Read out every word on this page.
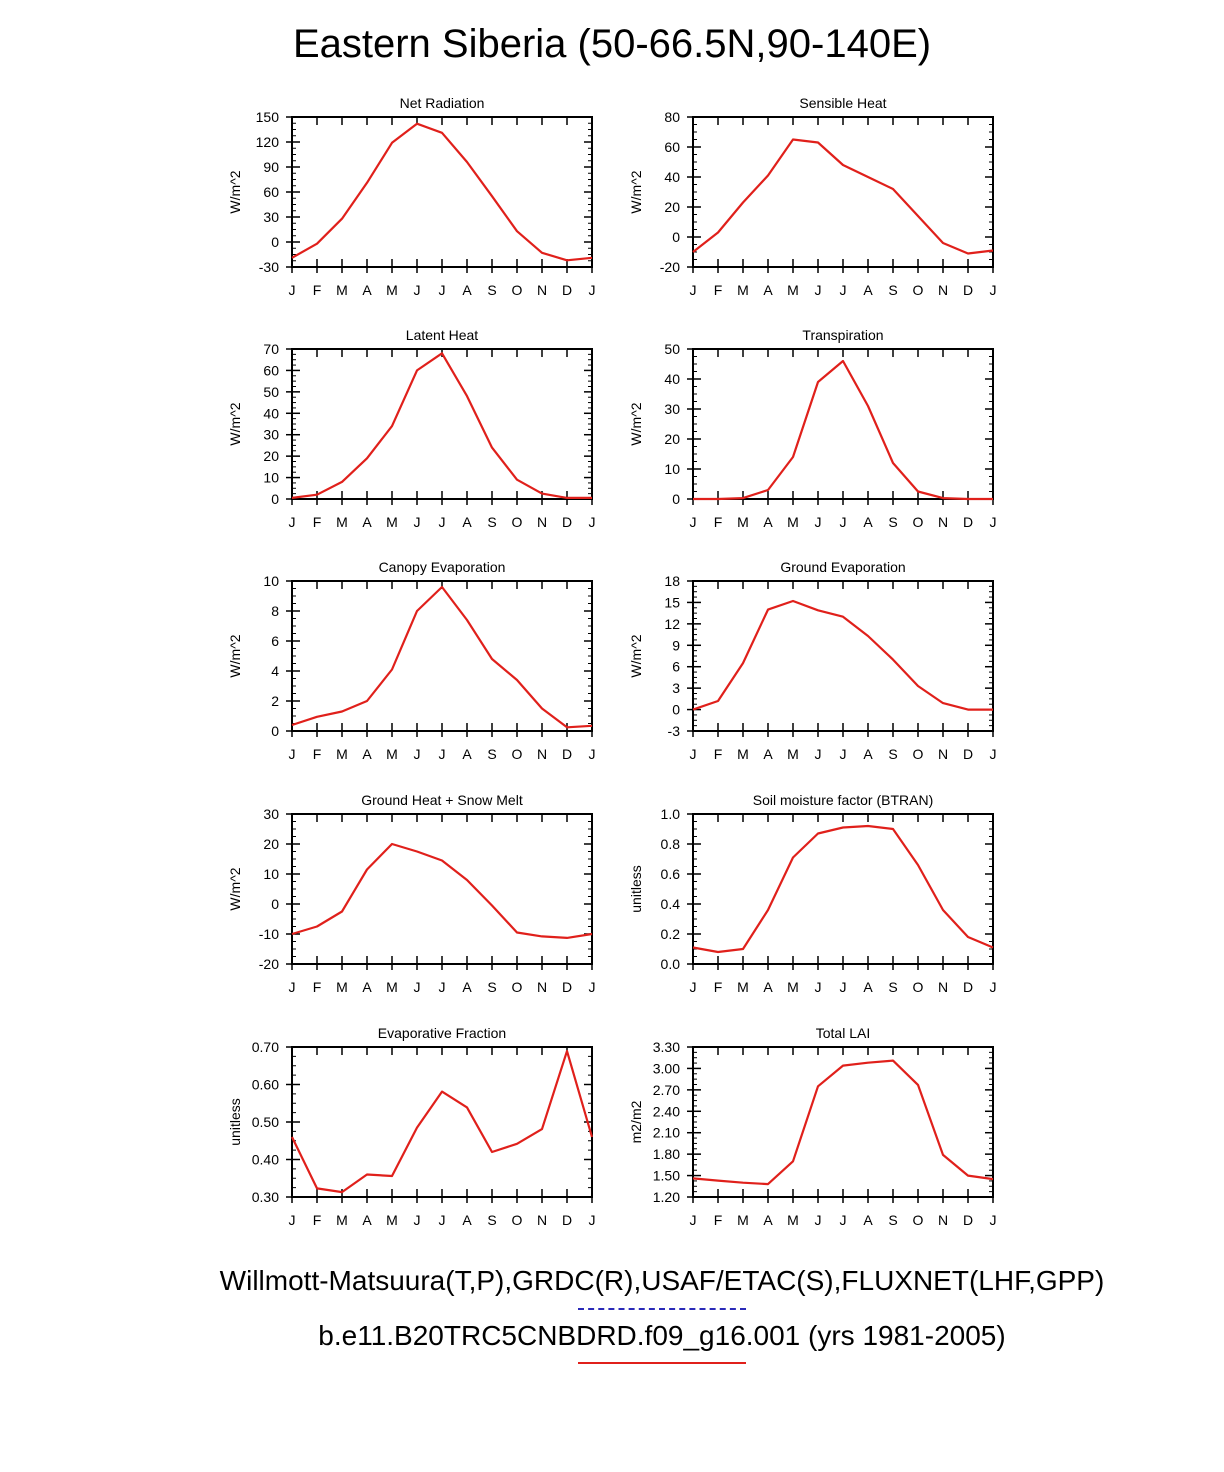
Eastern Siberia (50-66.5N,90-140E)
Net Radiation
W/m^2
-30
0
30
60
90
120
150
J F M A M J J A S O N D J
Sensible Heat
W/m^2
-20
0
20
40
60
80
J F M A M J J A S O N D J
Latent Heat
W/m^2
0
10
20
30
40
50
60
70
J F M A M J J A S O N D J
Transpiration
W/m^2
0
10
20
30
40
50
J F M A M J J A S O N D J
Canopy Evaporation
W/m^2
0
2
4
6
8
10
J F M A M J J A S O N D J
Ground Evaporation
W/m^2
-3
0
3
6
9
12
15
18
J F M A M J J A S O N D J
Ground Heat + Snow Melt
W/m^2
-20
-10
0
10
20
30
J F M A M J J A S O N D J
Soil moisture factor (BTRAN)
unitless
0.0
0.2
0.4
0.6
0.8
1.0
J F M A M J J A S O N D J
Evaporative Fraction
unitless
0.30
0.40
0.50
0.60
0.70
J F M A M J J A S O N D J
Total LAI
m2/m2
1.20
1.50
1.80
2.10
2.40
2.70
3.00
3.30
J F M A M J J A S O N D J
Willmott-Matsuura(T,P),GRDC(R),USAF/ETAC(S),FLUXNET(LHF,GPP)
b.e11.B20TRC5CNBDRD.f09_g16.001 (yrs 1981-2005)
